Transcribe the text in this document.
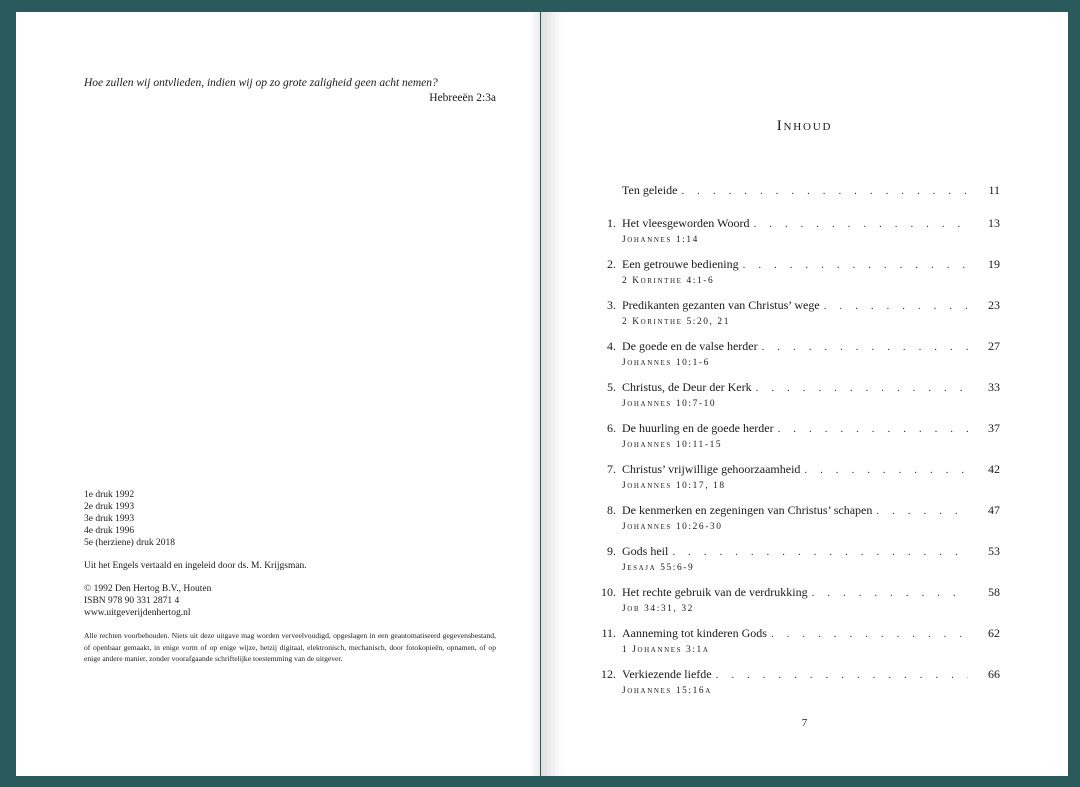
Hoe zullen wij ontvlieden, indien wij op zo grote zaligheid geen acht nemen?
Hebreeën 2:3a

1e druk 1992

2e druk 1993

3e druk 1993

4e druk 1996

5e (herziene) druk 2018

Uit het Engels vertaald en ingeleid door ds. M. Krijgsman.

© 1992 Den Hertog B.V., Houten

ISBN 978 90 331 2871 4

www.uitgeverijdenhertog.nl

Alle rechten voorbehouden. Niets uit deze uitgave mag worden verveelvoudigd, opgeslagen in een geautomatiseerd gegevensbestand, of openbaar gemaakt, in enige vorm of op enige wijze, hetzij digitaal, elektronisch, mechanisch, door fotokopieën, opnamen, of op enige andere manier, zonder voorafgaande schriftelijke toestemming van de uitgever.

Inhoud
Ten geleide . . .	11
1. Het vleesgeworden Woord . . .	13
Johannes 1:14
2. Een getrouwe bediening . . .	19
2 Korinthe 4:1-6
3. Predikanten gezanten van Christus’ wege . . .	23
2 Korinthe 5:20, 21
4. De goede en de valse herder . . .	27
Johannes 10:1-6
5. Christus, de Deur der Kerk . . .	33
Johannes 10:7-10
6. De huurling en de goede herder . . .	37
Johannes 10:11-15
7. Christus’ vrijwillige gehoorzaamheid . . .	42
Johannes 10:17, 18
8. De kenmerken en zegeningen van Christus’ schapen . . .	47
Johannes 10:26-30
9. Gods heil . . .	53
Jesaja 55:6-9
10. Het rechte gebruik van de verdrukking . . .	58
Job 34:31, 32
11. Aanneming tot kinderen Gods . . .	62
1 Johannes 3:1a
12. Verkiezende liefde . . .	66
Johannes 15:16a
7
